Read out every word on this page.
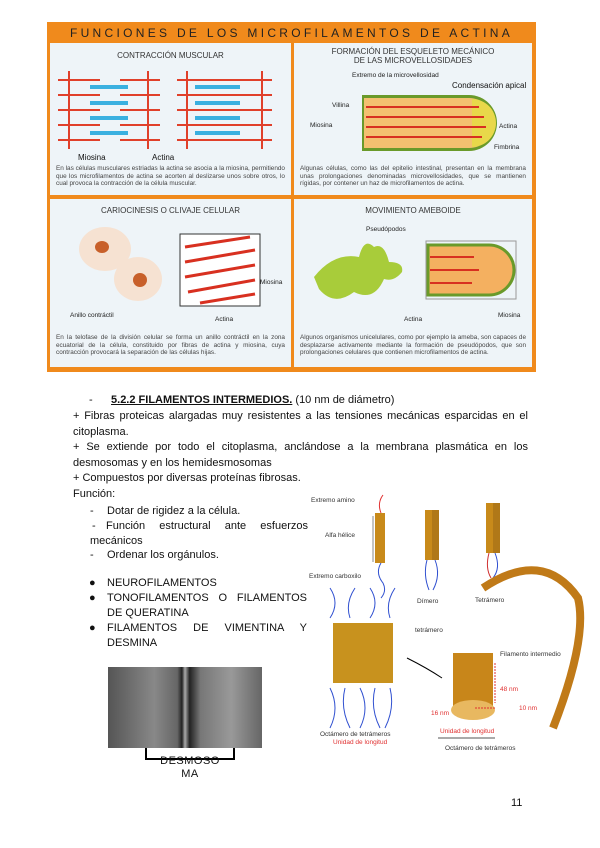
FUNCIONES DE LOS MICROFILAMENTOS DE ACTINA
CONTRACCIÓN MUSCULAR
Miosina	Actina
En las células musculares estriadas la actina se asocia a la miosina, permitiendo que los microfilamentos de actina se acorten al deslizarse unos sobre otros, lo cual provoca la contracción de la célula muscular.
FORMACIÓN DEL ESQUELETO MECÁNICO
DE LAS MICROVELLOSIDADES
Extremo de la microvellosidad
Condensación apical
Villina
Miosina	Actina
Fimbrina
Algunas células, como las del epitelio intestinal, presentan en la membrana unas prolongaciones denominadas microvellosidades, que se mantienen rígidas, por contener un haz de microfilamentos de actina.
CARIOCINESIS O CLIVAJE CELULAR
Miosina
Anillo contráctil
Actina
En la telofase de la división celular se forma un anillo contráctil en la zona ecuatorial de la célula, constituido por fibras de actina y miosina, cuya contracción provocará la separación de las células hijas.
MOVIMIENTO AMEBOIDE
Pseudópodos
Actina
Miosina
Algunos organismos unicelulares, como por ejemplo la ameba, son capaces de desplazarse activamente mediante la formación de pseudópodos, que son prolongaciones celulares que contienen microfilamentos de actina.
- 5.2.2 FILAMENTOS INTERMEDIOS. (10 nm de diámetro)
+ Fibras proteicas alargadas muy resistentes a las tensiones mecánicas esparcidas en el citoplasma.
+ Se extiende por todo el citoplasma, anclándose a la membrana plasmática en los desmosomas y en los hemidesmosomas
+ Compuestos por diversas proteínas fibrosas.
Función:
- Dotar de rigidez a la célula.
- Función estructural ante esfuerzos mecánicos
- Ordenar los orgánulos.
● NEUROFILAMENTOS
● TONOFILAMENTOS O FILAMENTOS DE QUERATINA
● FILAMENTOS DE VIMENTINA Y DESMINA
DESMOSO
MA
Extremo amino
Alfa hélice
Extremo carboxilo
Dímero	Tetrámero
tetrámero
Filamento intermedio
48 nm
16 nm
10 nm
Octámero de tetrámeros
Unidad de longitud
Unidad de longitud
Octámero de tetrámeros
11
